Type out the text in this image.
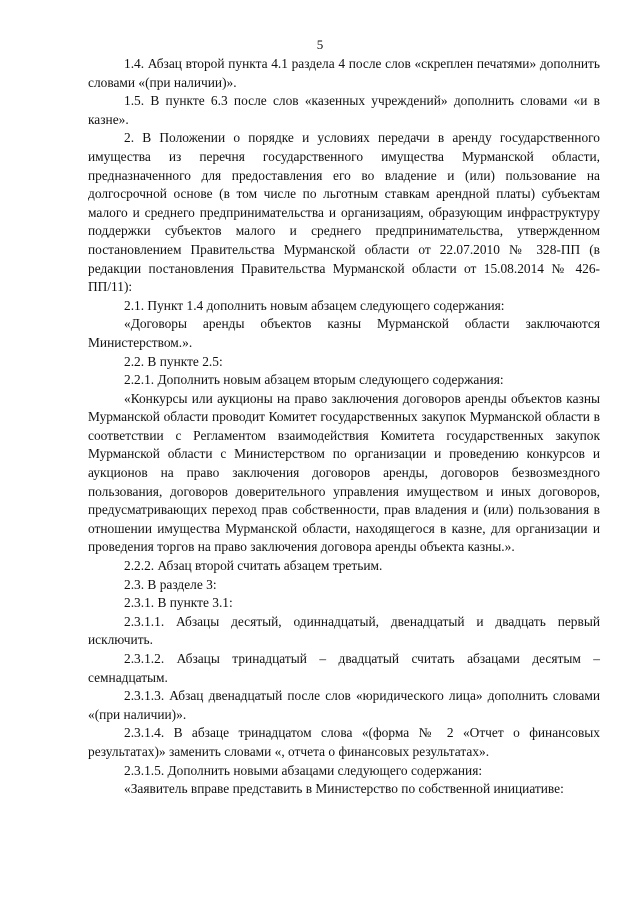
5

1.4. Абзац второй пункта 4.1 раздела 4 после слов «скреплен печатями» дополнить словами «(при наличии)».

1.5. В пункте 6.3 после слов «казенных учреждений» дополнить словами «и в казне».

2. В Положении о порядке и условиях передачи в аренду государственного имущества из перечня государственного имущества Мурманской области, предназначенного для предоставления его во владение и (или) пользование на долгосрочной основе (в том числе по льготным ставкам арендной платы) субъектам малого и среднего предпринимательства и организациям, образующим инфраструктуру поддержки субъектов малого и среднего предпринимательства, утвержденном постановлением Правительства Мурманской области от 22.07.2010 № 328-ПП (в редакции постановления Правительства Мурманской области от 15.08.2014 № 426-ПП/11):

2.1. Пункт 1.4 дополнить новым абзацем следующего содержания:

«Договоры аренды объектов казны Мурманской области заключаются Министерством.».

2.2. В пункте 2.5:

2.2.1. Дополнить новым абзацем вторым следующего содержания:

«Конкурсы или аукционы на право заключения договоров аренды объектов казны Мурманской области проводит Комитет государственных закупок Мурманской области в соответствии с Регламентом взаимодействия Комитета государственных закупок Мурманской области с Министерством по организации и проведению конкурсов и аукционов на право заключения договоров аренды, договоров безвозмездного пользования, договоров доверительного управления имуществом и иных договоров, предусматривающих переход прав собственности, прав владения и (или) пользования в отношении имущества Мурманской области, находящегося в казне, для организации и проведения торгов на право заключения договора аренды объекта казны.».

2.2.2. Абзац второй считать абзацем третьим.

2.3. В разделе 3:

2.3.1. В пункте 3.1:

2.3.1.1. Абзацы десятый, одиннадцатый, двенадцатый и двадцать первый исключить.

2.3.1.2. Абзацы тринадцатый – двадцатый считать абзацами десятым – семнадцатым.

2.3.1.3. Абзац двенадцатый после слов «юридического лица» дополнить словами «(при наличии)».

2.3.1.4. В абзаце тринадцатом слова «(форма № 2 «Отчет о финансовых результатах)» заменить словами «, отчета о финансовых результатах».

2.3.1.5. Дополнить новыми абзацами следующего содержания:

«Заявитель вправе представить в Министерство по собственной инициативе:
